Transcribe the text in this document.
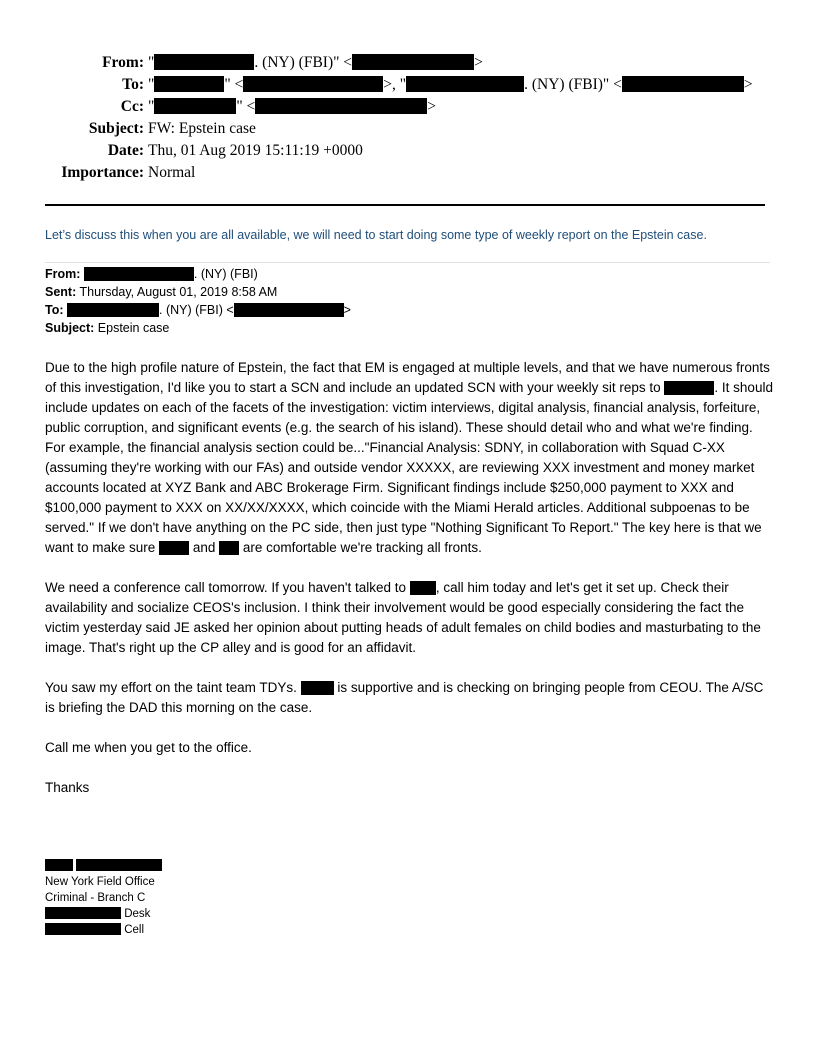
From: "	. (NY) (FBI)" <	>
To: "	" <	>, "	. (NY) (FBI)" <	>
Cc: "	" <	>
Subject: FW: Epstein case
Date: Thu, 01 Aug 2019 15:11:19 +0000
Importance: Normal
Let’s discuss this when you are all available, we will need to start doing some type of weekly report on the Epstein case.
From:	. (NY) (FBI)
Sent: Thursday, August 01, 2019 8:58 AM
To:	. (NY) (FBI) <	>
Subject: Epstein case

Due to the high profile nature of Epstein, the fact that EM is engaged at multiple levels, and that we have numerous fronts of this investigation, I'd like you to start a SCN and include an updated SCN with your weekly sit reps to	. It should include updates on each of the facets of the investigation: victim interviews, digital analysis, financial analysis, forfeiture, public corruption, and significant events (e.g. the search of his island). These should detail who and what we're finding. For example, the financial analysis section could be..."Financial Analysis: SDNY, in collaboration with Squad C-XX (assuming they're working with our FAs) and outside vendor XXXXX, are reviewing XXX investment and money market accounts located at XYZ Bank and ABC Brokerage Firm. Significant findings include $250,000 payment to XXX and $100,000 payment to XXX on XX/XX/XXXX, which coincide with the Miami Herald articles. Additional subpoenas to be served." If we don't have anything on the PC side, then just type "Nothing Significant To Report." The key here is that we want to make sure	and are comfortable we're tracking all fronts.

We need a conference call tomorrow. If you haven't talked to , call him today and let's get it set up. Check their availability and socialize CEOS's inclusion. I think their involvement would be good especially considering the fact the victim yesterday said JE asked her opinion about putting heads of adult females on child bodies and masturbating to the image. That's right up the CP alley and is good for an affidavit.

You saw my effort on the taint team TDYs.	is supportive and is checking on bringing people from CEOU. The A/SC is briefing the DAD this morning on the case.

Call me when you get to the office.

Thanks

New York Field Office
Criminal - Branch C
Desk
Cell
